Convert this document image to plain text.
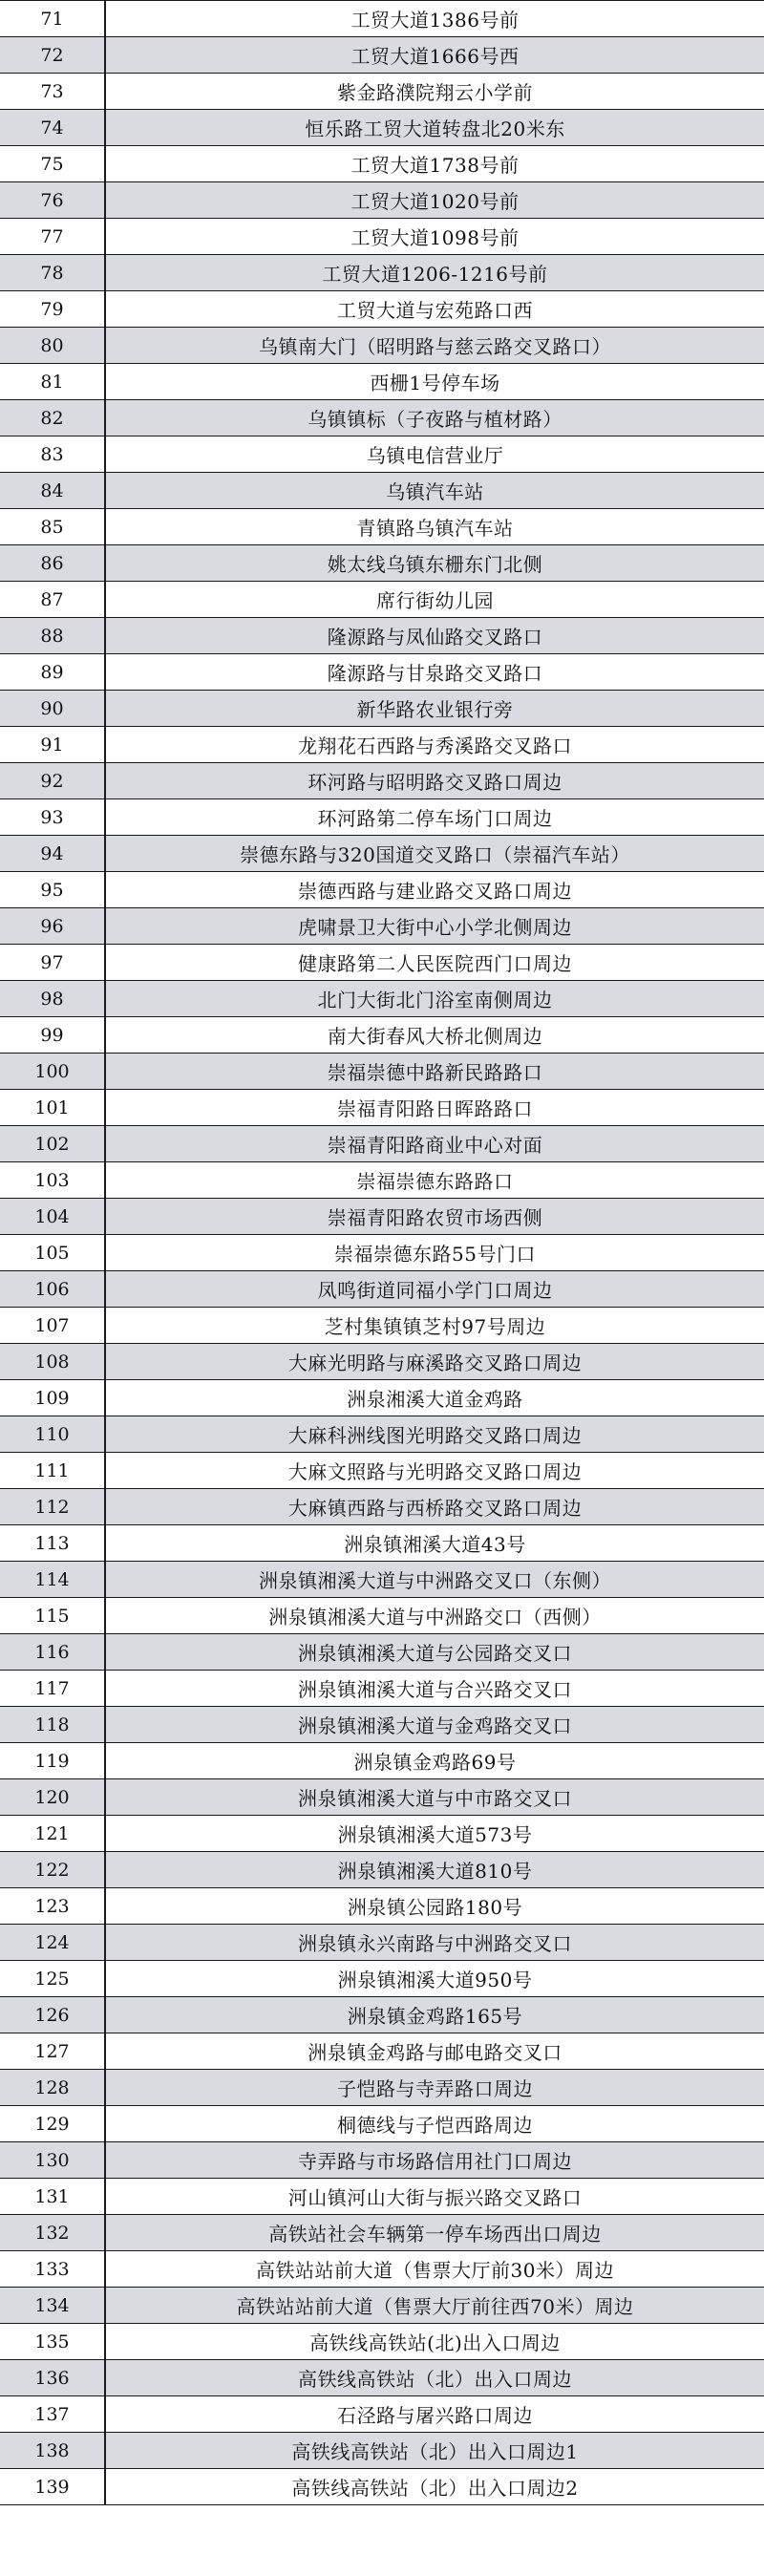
71	工贸大道1386号前
72	工贸大道1666号西
73	紫金路濮院翔云小学前
74	恒乐路工贸大道转盘北20米东
75	工贸大道1738号前
76	工贸大道1020号前
77	工贸大道1098号前
78	工贸大道1206-1216号前
79	工贸大道与宏苑路口西
80	乌镇南大门（昭明路与慈云路交叉路口）
81	西栅1号停车场
82	乌镇镇标（子夜路与植材路）
83	乌镇电信营业厅
84	乌镇汽车站
85	青镇路乌镇汽车站
86	姚太线乌镇东栅东门北侧
87	席行街幼儿园
88	隆源路与凤仙路交叉路口
89	隆源路与甘泉路交叉路口
90	新华路农业银行旁
91	龙翔花石西路与秀溪路交叉路口
92	环河路与昭明路交叉路口周边
93	环河路第二停车场门口周边
94	崇德东路与320国道交叉路口（崇福汽车站）
95	崇德西路与建业路交叉路口周边
96	虎啸景卫大街中心小学北侧周边
97	健康路第二人民医院西门口周边
98	北门大街北门浴室南侧周边
99	南大街春风大桥北侧周边
100	崇福崇德中路新民路路口
101	崇福青阳路日晖路路口
102	崇福青阳路商业中心对面
103	崇福崇德东路路口
104	崇福青阳路农贸市场西侧
105	崇福崇德东路55号门口
106	凤鸣街道同福小学门口周边
107	芝村集镇镇芝村97号周边
108	大麻光明路与麻溪路交叉路口周边
109	洲泉湘溪大道金鸡路
110	大麻科洲线图光明路交叉路口周边
111	大麻文照路与光明路交叉路口周边
112	大麻镇西路与西桥路交叉路口周边
113	洲泉镇湘溪大道43号
114	洲泉镇湘溪大道与中洲路交叉口（东侧）
115	洲泉镇湘溪大道与中洲路交口（西侧）
116	洲泉镇湘溪大道与公园路交叉口
117	洲泉镇湘溪大道与合兴路交叉口
118	洲泉镇湘溪大道与金鸡路交叉口
119	洲泉镇金鸡路69号
120	洲泉镇湘溪大道与中市路交叉口
121	洲泉镇湘溪大道573号
122	洲泉镇湘溪大道810号
123	洲泉镇公园路180号
124	洲泉镇永兴南路与中洲路交叉口
125	洲泉镇湘溪大道950号
126	洲泉镇金鸡路165号
127	洲泉镇金鸡路与邮电路交叉口
128	子恺路与寺弄路口周边
129	桐德线与子恺西路周边
130	寺弄路与市场路信用社门口周边
131	河山镇河山大街与振兴路交叉路口
132	高铁站社会车辆第一停车场西出口周边
133	高铁站站前大道（售票大厅前30米）周边
134	高铁站站前大道（售票大厅前往西70米）周边
135	高铁线高铁站(北)出入口周边
136	高铁线高铁站（北）出入口周边
137	石泾路与屠兴路口周边
138	高铁线高铁站（北）出入口周边1
139	高铁线高铁站（北）出入口周边2
